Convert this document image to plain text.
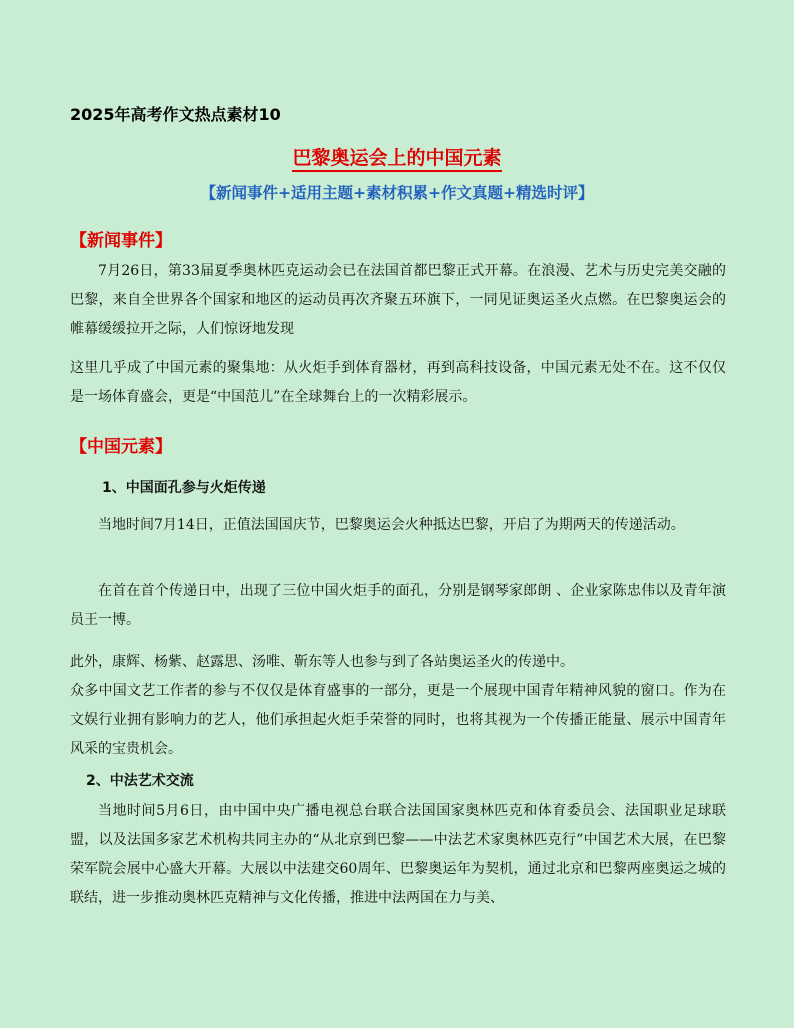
2025年高考作文热点素材10
巴黎奥运会上的中国元素
【新闻事件+适用主题+素材积累+作文真题+精选时评】
【新闻事件】
7月26日，第33届夏季奥林匹克运动会已在法国首都巴黎正式开幕。在浪漫、艺术与历史完美交融的巴黎，来自全世界各个国家和地区的运动员再次齐聚五环旗下，一同见证奥运圣火点燃。在巴黎奥运会的帷幕缓缓拉开之际，人们惊讶地发现
这里几乎成了中国元素的聚集地：从火炬手到体育器材，再到高科技设备，中国元素无处不在。这不仅仅是一场体育盛会，更是“中国范儿”在全球舞台上的一次精彩展示。
【中国元素】
1、中国面孔参与火炬传递
当地时间7月14日，正值法国国庆节，巴黎奥运会火种抵达巴黎，开启了为期两天的传递活动。
在首在首个传递日中，出现了三位中国火炬手的面孔，分别是钢琴家郎朗 、企业家陈忠伟以及青年演员王一博。
此外，康辉、杨紫、赵露思、汤唯、靳东等人也参与到了各站奥运圣火的传递中。
众多中国文艺工作者的参与不仅仅是体育盛事的一部分，更是一个展现中国青年精神风貌的窗口。作为在文娱行业拥有影响力的艺人，他们承担起火炬手荣誉的同时，也将其视为一个传播正能量、展示中国青年风采的宝贵机会。
2、中法艺术交流
当地时间5月6日，由中国中央广播电视总台联合法国国家奥林匹克和体育委员会、法国职业足球联盟，以及法国多家艺术机构共同主办的“从北京到巴黎——中法艺术家奥林匹克行”中国艺术大展，在巴黎荣军院会展中心盛大开幕。大展以中法建交60周年、巴黎奥运年为契机，通过北京和巴黎两座奥运之城的联结，进一步推动奥林匹克精神与文化传播，推进中法两国在力与美、
